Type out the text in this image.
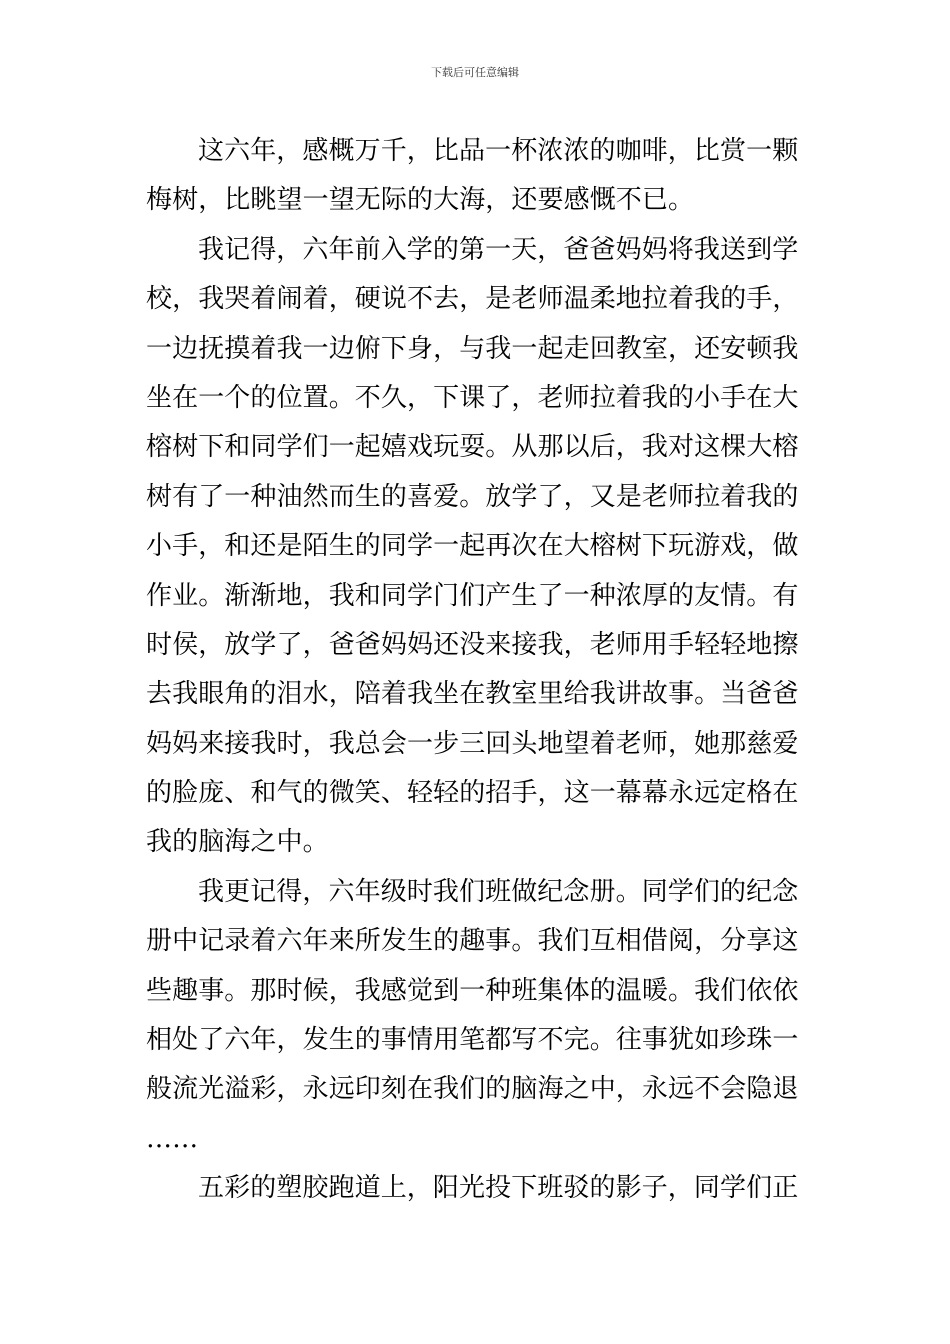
下载后可任意编辑
这六年，感概万千，比品一杯浓浓的咖啡，比赏一颗
梅树，比眺望一望无际的大海，还要感慨不已。
我记得，六年前入学的第一天，爸爸妈妈将我送到学
校，我哭着闹着，硬说不去，是老师温柔地拉着我的手，
一边抚摸着我一边俯下身，与我一起走回教室，还安顿我
坐在一个的位置。不久，下课了，老师拉着我的小手在大
榕树下和同学们一起嬉戏玩耍。从那以后，我对这棵大榕
树有了一种油然而生的喜爱。放学了，又是老师拉着我的
小手，和还是陌生的同学一起再次在大榕树下玩游戏，做
作业。渐渐地，我和同学门们产生了一种浓厚的友情。有
时侯，放学了，爸爸妈妈还没来接我，老师用手轻轻地擦
去我眼角的泪水，陪着我坐在教室里给我讲故事。当爸爸
妈妈来接我时，我总会一步三回头地望着老师，她那慈爱
的脸庞、和气的微笑、轻轻的招手，这一幕幕永远定格在
我的脑海之中。
我更记得，六年级时我们班做纪念册。同学们的纪念
册中记录着六年来所发生的趣事。我们互相借阅，分享这
些趣事。那时候，我感觉到一种班集体的温暖。我们依依
相处了六年，发生的事情用笔都写不完。往事犹如珍珠一
般流光溢彩，永远印刻在我们的脑海之中，永远不会隐退
……
五彩的塑胶跑道上，阳光投下班驳的影子，同学们正
